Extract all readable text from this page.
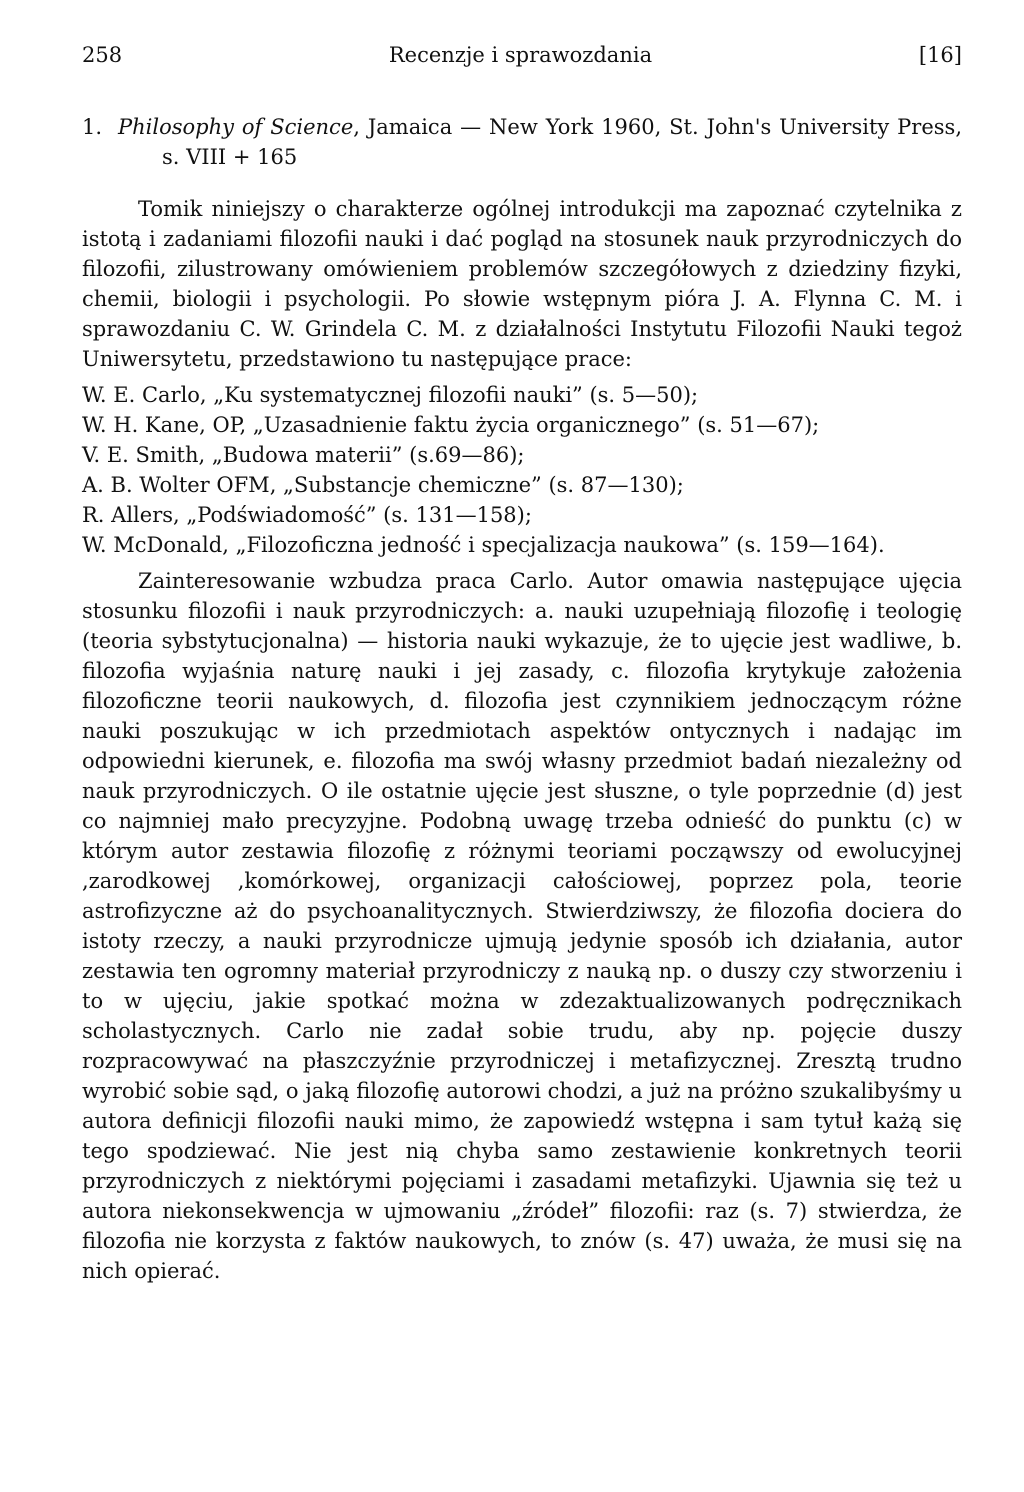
258	Recenzje i sprawozdania	[16]
1. Philosophy of Science, Jamaica — New York 1960, St. John's University Press, s. VIII + 165

Tomik niniejszy o charakterze ogólnej introdukcji ma zapoznać czytelnika z istotą i zadaniami filozofii nauki i dać pogląd na stosunek nauk przyrodniczych do filozofii, zilustrowany omówieniem problemów szczegółowych z dziedziny fizyki, chemii, biologii i psychologii. Po słowie wstępnym pióra J. A. Flynna C. M. i sprawozdaniu C. W. Grindela C. M. z działalności Instytutu Filozofii Nauki tegoż Uniwersytetu, przedstawiono tu następujące prace:

W. E. Carlo, „Ku systematycznej filozofii nauki” (s. 5—50);
W. H. Kane, OP, „Uzasadnienie faktu życia organicznego” (s. 51—67);
V. E. Smith, „Budowa materii” (s.69—86);
A. B. Wolter OFM, „Substancje chemiczne” (s. 87—130);
R. Allers, „Podświadomość” (s. 131—158);
W. McDonald, „Filozoficzna jedność i specjalizacja naukowa” (s. 159—164).

Zainteresowanie wzbudza praca Carlo. Autor omawia następujące ujęcia stosunku filozofii i nauk przyrodniczych: a. nauki uzupełniają filozofię i teologię (teoria sybstytucjonalna) — historia nauki wykazuje, że to ujęcie jest wadliwe, b. filozofia wyjaśnia naturę nauki i jej zasady, c. filozofia krytykuje założenia filozoficzne teorii naukowych, d. filozofia jest czynnikiem jednoczącym różne nauki poszukując w ich przedmiotach aspektów ontycznych i nadając im odpowiedni kierunek, e. filozofia ma swój własny przedmiot badań niezależny od nauk przyrodniczych. O ile ostatnie ujęcie jest słuszne, o tyle poprzednie (d) jest co najmniej mało precyzyjne. Podobną uwagę trzeba odnieść do punktu (c) w którym autor zestawia filozofię z różnymi teoriami począwszy od ewolucyjnej ,zarodkowej ,komórkowej, organizacji całościowej, poprzez pola, teorie astrofizyczne aż do psychoanalitycznych. Stwierdziwszy, że filozofia dociera do istoty rzeczy, a nauki przyrodnicze ujmują jedynie sposób ich działania, autor zestawia ten ogromny materiał przyrodniczy z nauką np. o duszy czy stworzeniu i to w ujęciu, jakie spotkać można w zdezaktualizowanych podręcznikach scholastycznych. Carlo nie zadał sobie trudu, aby np. pojęcie duszy rozpracowywać na płaszczyźnie przyrodniczej i metafizycznej. Zresztą trudno wyrobić sobie sąd, o jaką filozofię autorowi chodzi, a już na próżno szukalibyśmy u autora definicji filozofii nauki mimo, że zapowiedź wstępna i sam tytuł każą się tego spodziewać. Nie jest nią chyba samo zestawienie konkretnych teorii przyrodniczych z niektórymi pojęciami i zasadami metafizyki. Ujawnia się też u autora niekonsekwencja w ujmowaniu „źródeł” filozofii: raz (s. 7) stwierdza, że filozofia nie korzysta z faktów naukowych, to znów (s. 47) uważa, że musi się na nich opierać.
